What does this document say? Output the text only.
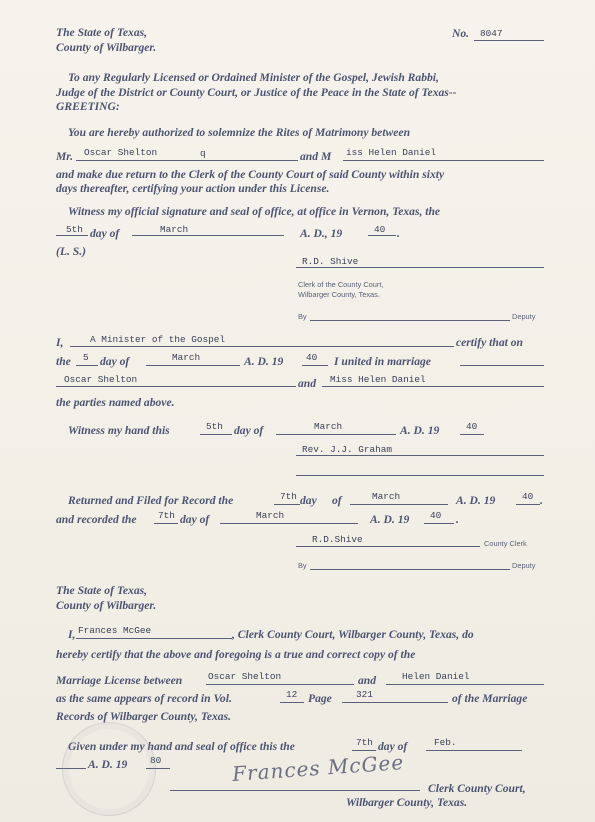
The State of Texas,
County of Wilbarger.
No. 8047
To any Regularly Licensed or Ordained Minister of the Gospel, Jewish Rabbi,
Judge of the District or County Court, or Justice of the Peace in the State of Texas--
GREETING:
You are hereby authorized to solemnize the Rites of Matrimony between
Mr. Oscar Shelton	q	and M iss Helen Daniel
and make due return to the Clerk of the County Court of said County within sixty
days thereafter, certifying your action under this License.
Witness my official signature and seal of office, at office in Vernon, Texas, the
5th day of	March	A. D., 19	40 .
(L. S.)
R.D. Shive
Clerk of the County Court,
Wilbarger County, Texas.
By	Deputy
I,	A Minister of the Gospel	certify that on
the 5 day of	March	A. D. 19 40 I united in marriage
Oscar Shelton	and Miss Helen Daniel
the parties named above.
Witness my hand this	5th day of	March	A. D. 19	40
Rev. J.J. Graham
Returned and Filed for Record the	7th day of	March	A. D. 19	40 .
and recorded the 7th day of	March	A. D. 19 40 .
R.D.Shive	County Clerk
By	Deputy
The State of Texas,
County of Wilbarger.
I, Frances McGee	, Clerk County Court, Wilbarger County, Texas, do
hereby certify that the above and foregoing is a true and correct copy of the
Marriage License between	Oscar Shelton	and	Helen Daniel
as the same appears of record in Vol.	12 Page	321	of the Marriage
Records of Wilbarger County, Texas.
Given under my hand and seal of office this the	7th day of	Feb.
A. D. 19 80	Frances McGee
Clerk County Court,
Wilbarger County, Texas.
